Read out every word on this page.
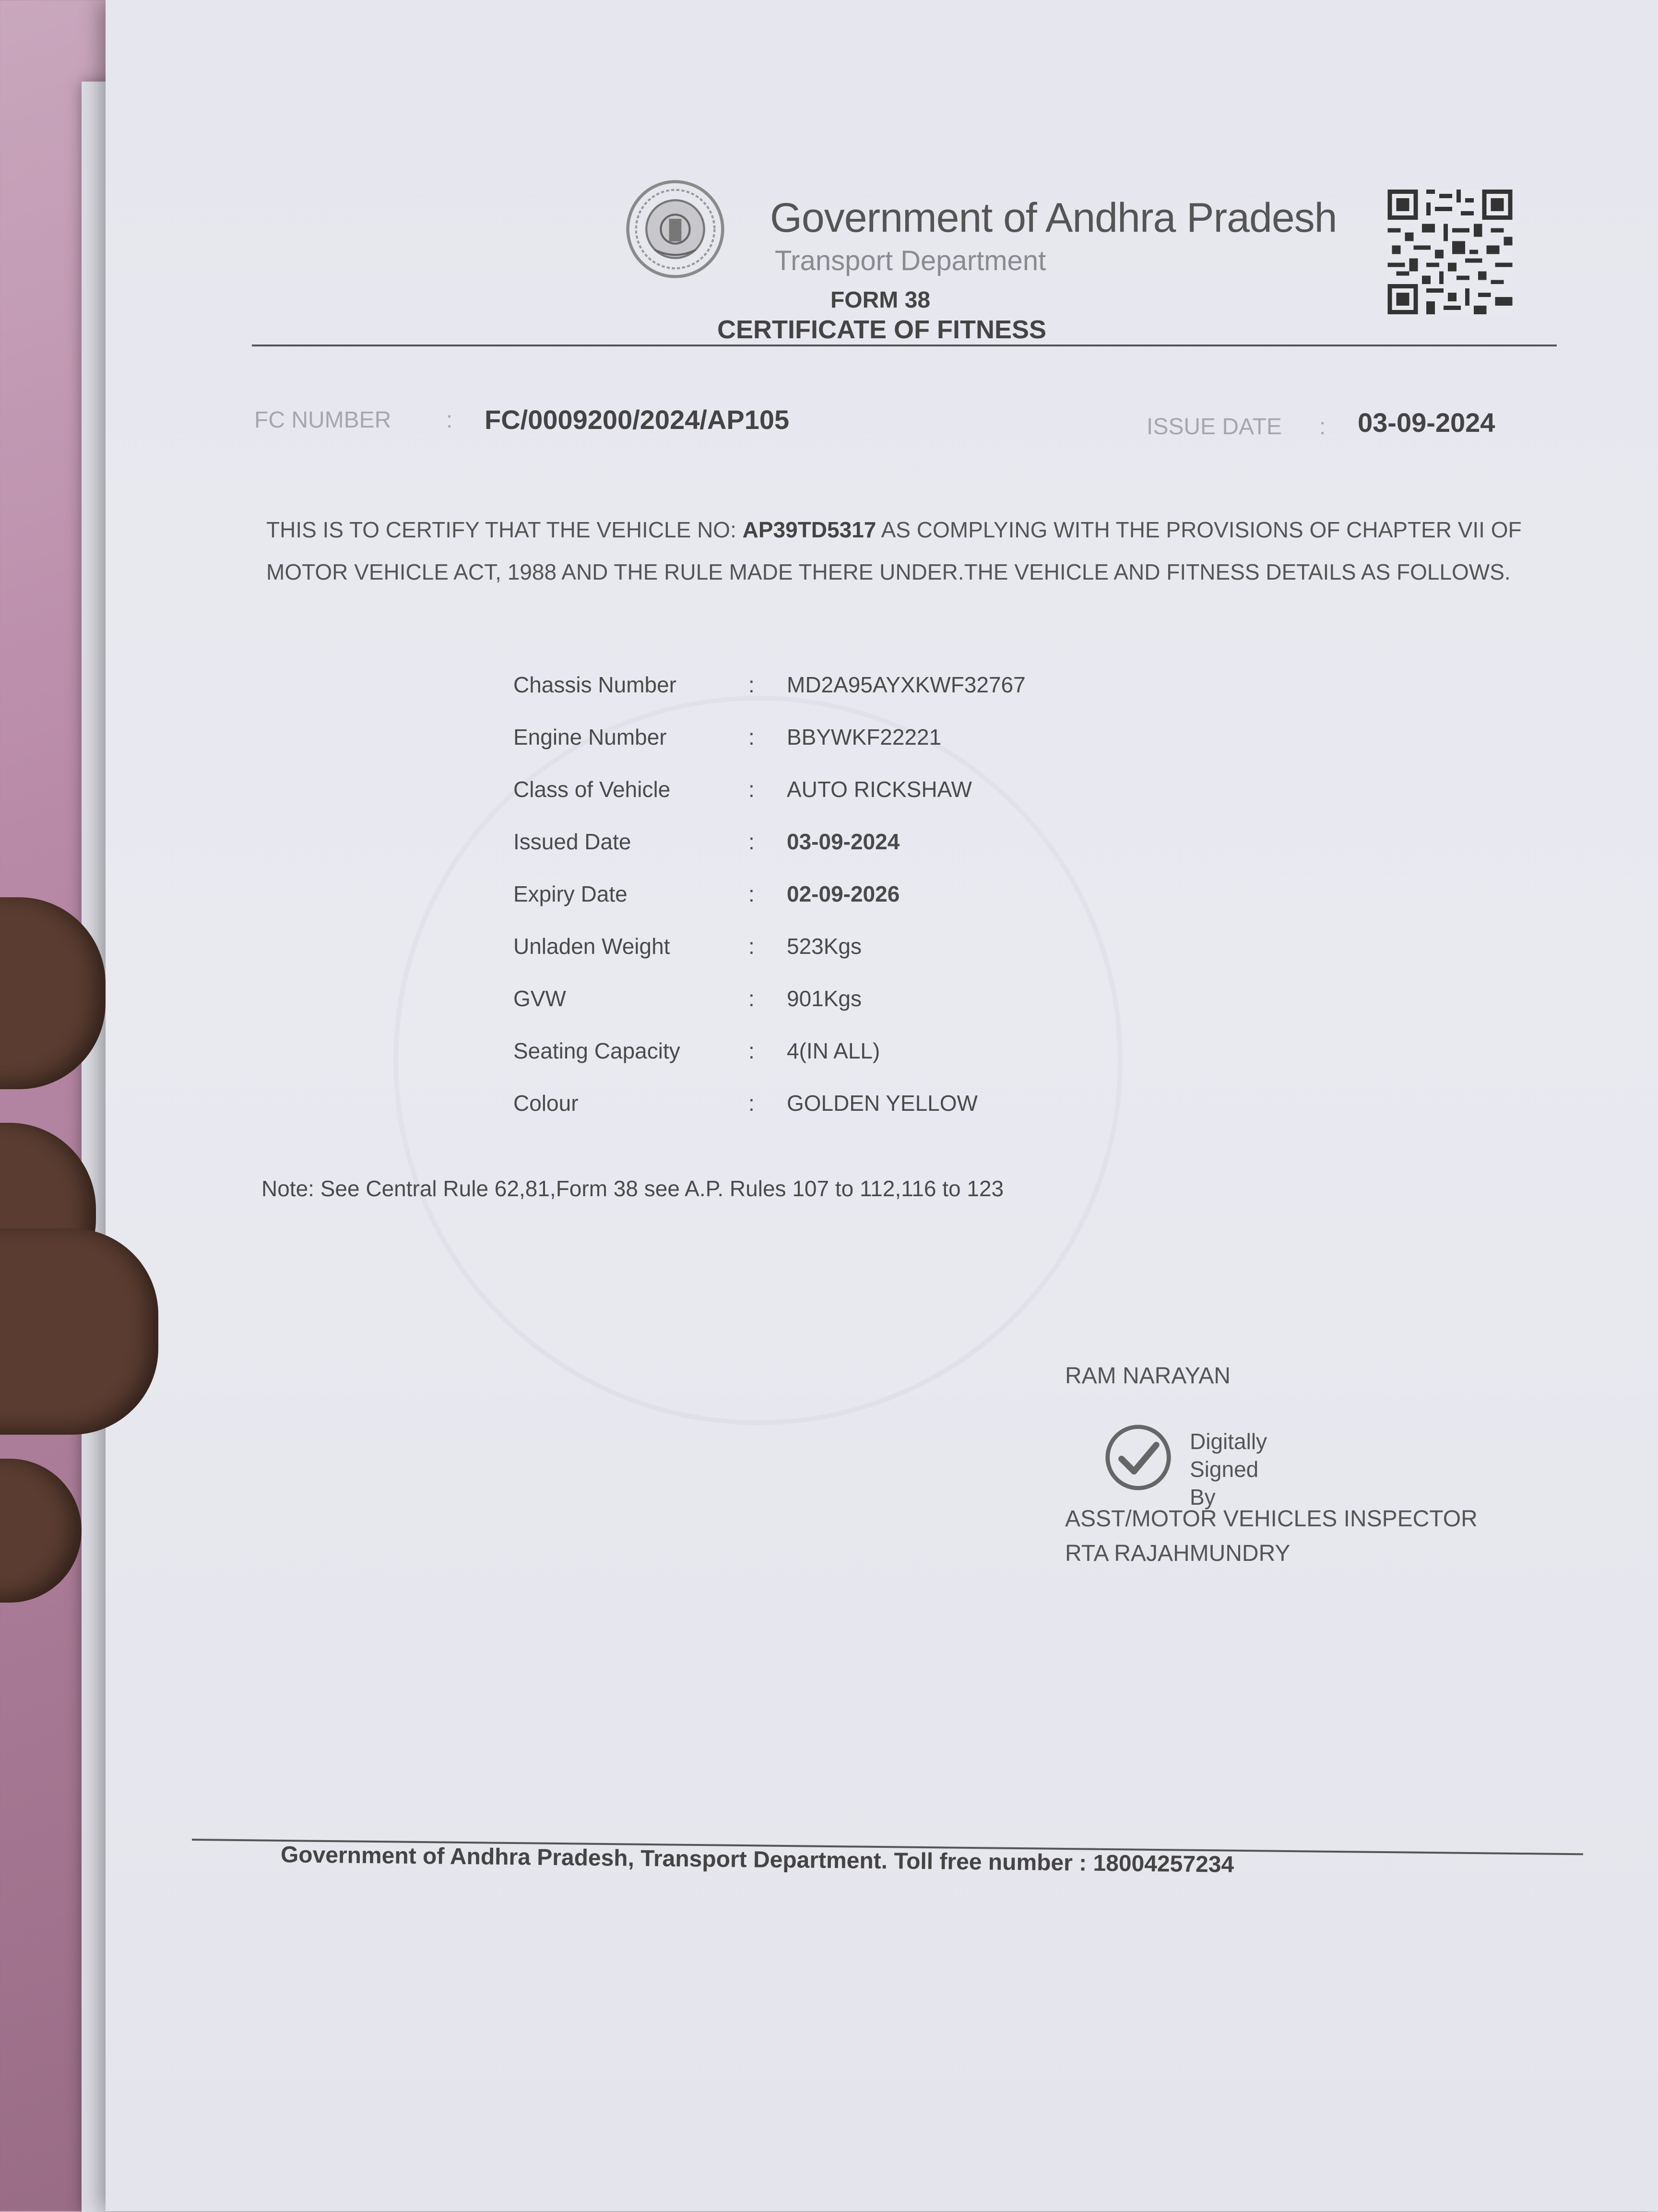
Government of Andhra Pradesh
Transport Department
FORM 38
CERTIFICATE OF FITNESS
FC NUMBER : FC/0009200/2024/AP105	ISSUE DATE : 03-09-2024
THIS IS TO CERTIFY THAT THE VEHICLE NO: AP39TD5317 AS COMPLYING WITH THE PROVISIONS OF CHAPTER VII OF MOTOR VEHICLE ACT, 1988 AND THE RULE MADE THERE UNDER.THE VEHICLE AND FITNESS DETAILS AS FOLLOWS.
Chassis Number	: MD2A95AYXKWF32767
Engine Number	: BBYWKF22221
Class of Vehicle	: AUTO RICKSHAW
Issued Date	: 03-09-2024
Expiry Date	: 02-09-2026
Unladen Weight	: 523Kgs
GVW	: 901Kgs
Seating Capacity	: 4(IN ALL)
Colour	: GOLDEN YELLOW
Note: See Central Rule 62,81,Form 38 see A.P. Rules 107 to 112,116 to 123
RAM NARAYAN
Digitally
Signed By
ASST/MOTOR VEHICLES INSPECTOR
RTA RAJAHMUNDRY
Government of Andhra Pradesh, Transport Department. Toll free number : 18004257234
